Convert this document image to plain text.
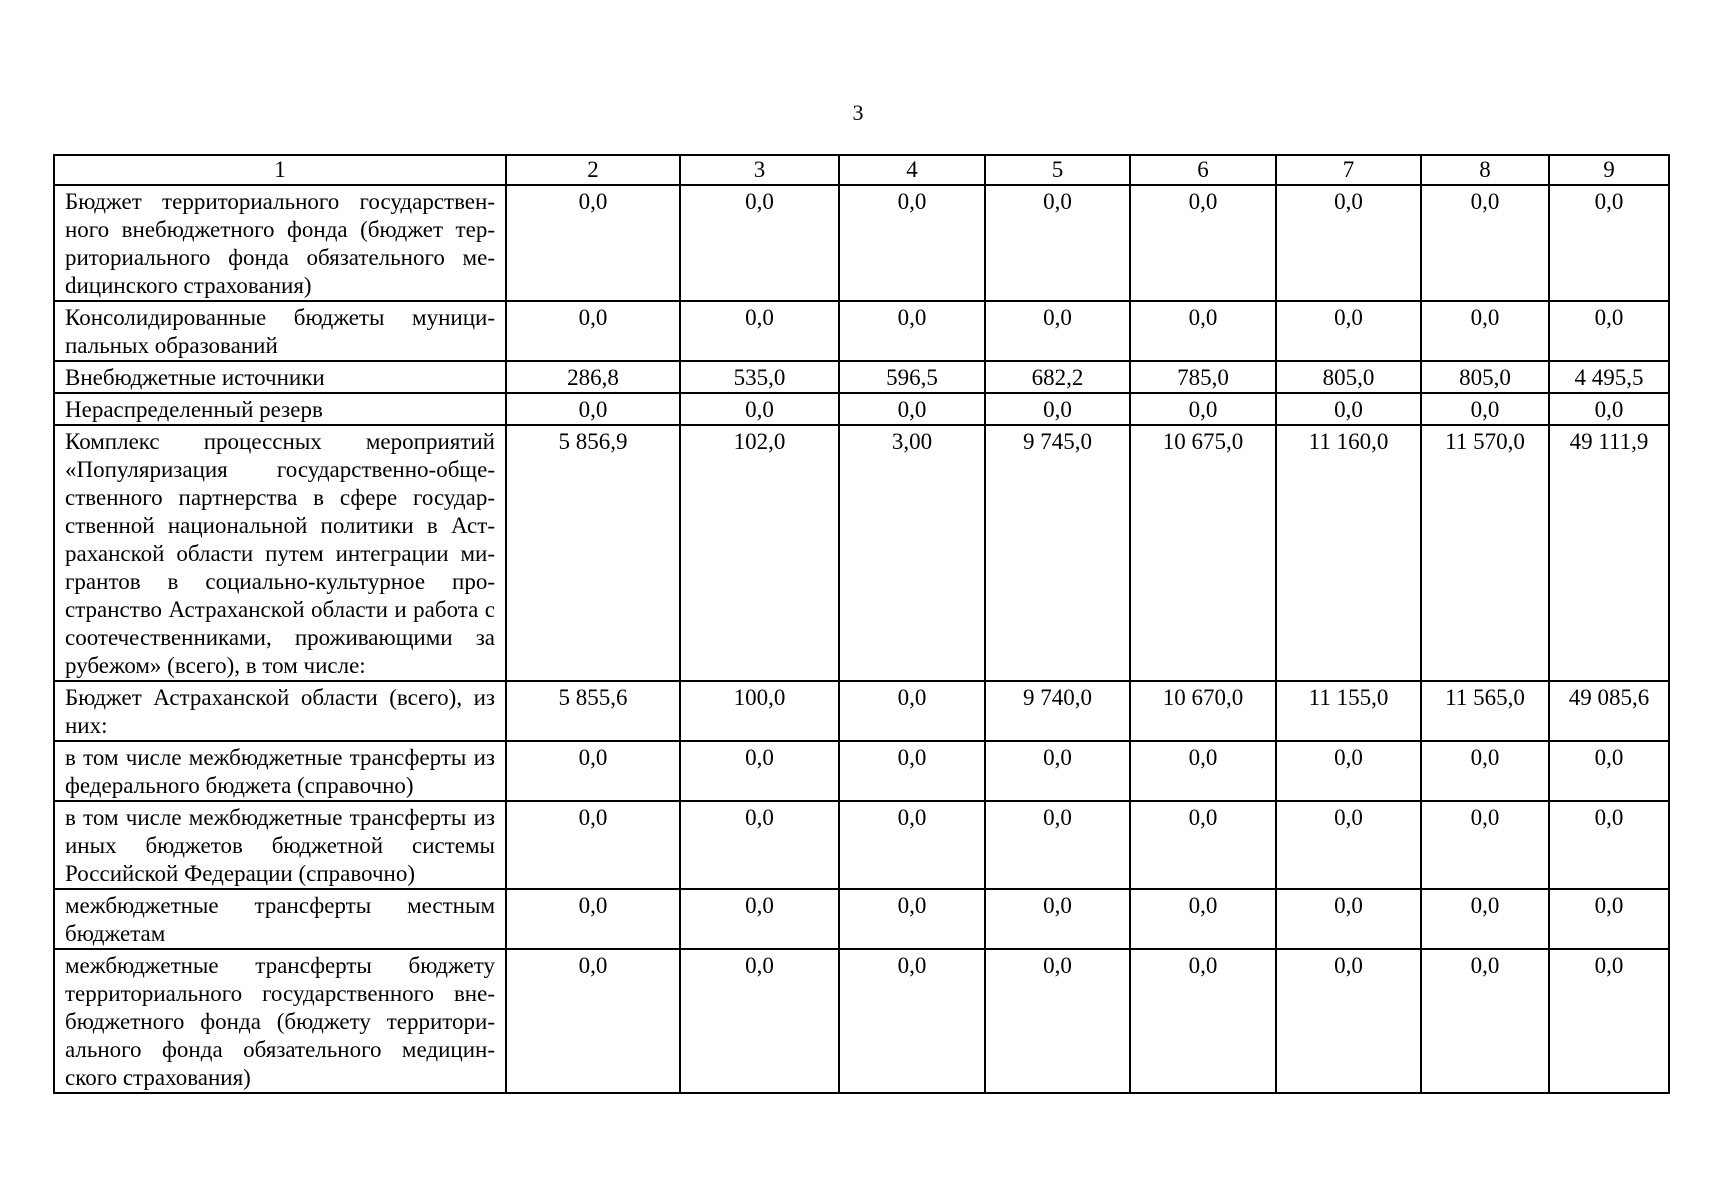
3
1	2	3	4	5	6	7	8	9
Бюджет территориального государственного внебюджетного фонда (бюджет территориального фонда обязательного меdицинского страхования)	0,0	0,0	0,0	0,0	0,0	0,0	0,0	0,0
Консолидированные бюджеты муниципальных образований	0,0	0,0	0,0	0,0	0,0	0,0	0,0	0,0
Внебюджетные источники	286,8	535,0	596,5	682,2	785,0	805,0	805,0	4 495,5
Нераспределенный резерв	0,0	0,0	0,0	0,0	0,0	0,0	0,0	0,0
Комплекс процессных мероприятий «Популяризация государственно-общественного партнерства в сфере государственной национальной политики в Астраханской области путем интеграции мигрантов в социально-культурное пространство Астраханской области и работа с соотечественниками, проживающими за рубежом» (всего), в том числе:	5 856,9	102,0	3,00	9 745,0	10 675,0	11 160,0	11 570,0	49 111,9
Бюджет Астраханской области (всего), из них:	5 855,6	100,0	0,0	9 740,0	10 670,0	11 155,0	11 565,0	49 085,6
в том числе межбюджетные трансферты из федерального бюджета (справочно)	0,0	0,0	0,0	0,0	0,0	0,0	0,0	0,0
в том числе межбюджетные трансферты из иных бюджетов бюджетной системы Российской Федерации (справочно)	0,0	0,0	0,0	0,0	0,0	0,0	0,0	0,0
межбюджетные трансферты местным бюджетам	0,0	0,0	0,0	0,0	0,0	0,0	0,0	0,0
межбюджетные трансферты бюджету территориального государственного внебюджетного фонда (бюджету территориального фонда обязательного медицинского страхования)	0,0	0,0	0,0	0,0	0,0	0,0	0,0	0,0
